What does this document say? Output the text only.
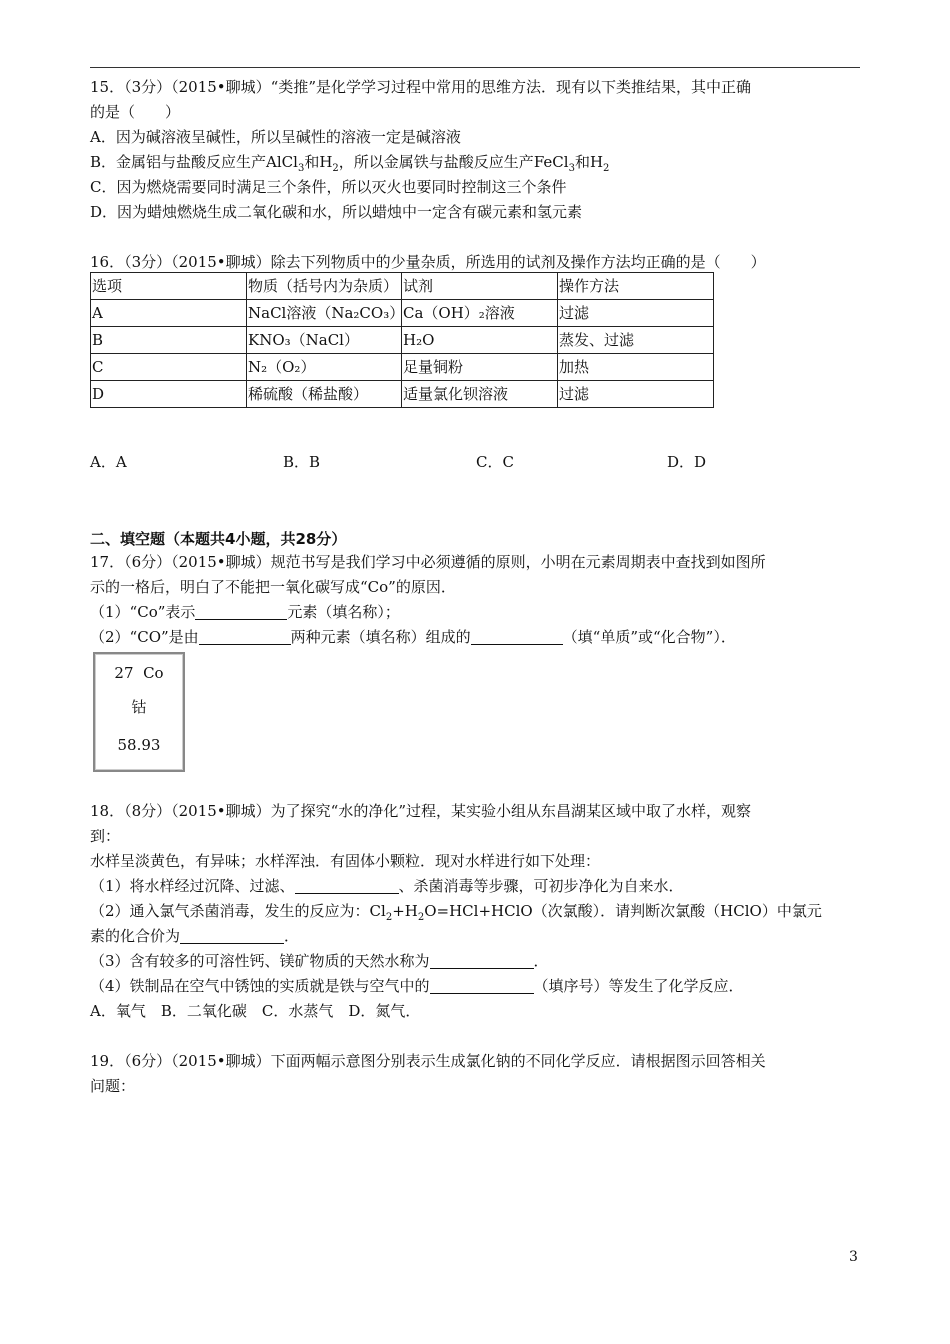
15．（3分）（2015•聊城）“类推”是化学学习过程中常用的思维方法．现有以下类推结果，其中正确
的是（　　）
A．因为碱溶液呈碱性，所以呈碱性的溶液一定是碱溶液
B．金属铝与盐酸反应生产AlCl$_3$和$H_2$，所以金属铁与盐酸反应生产FeCl$_3$和$H_2$
C．因为燃烧需要同时满足三个条件，所以灭火也要同时控制这三个条件
D．因为蜡烛燃烧生成二氧化碳和水，所以蜡烛中一定含有碳元素和氢元素
16．（3分）（2015•聊城）除去下列物质中的少量杂质，所选用的试剂及操作方法均正确的是（　　）
选项	物质（括号内为杂质）	试剂	操作方法
A	NaCl溶液（Na₂CO₃）	Ca（OH）₂溶液	过滤
B	KNO₃（NaCl）	H₂O	蒸发、过滤
C	N₂（O₂）	足量铜粉	加热
D	稀硫酸（稀盐酸）	适量氯化钡溶液	过滤
A．A	B．B	C．C	D．D
二、填空题（本题共4小题，共28分）
17．（6分）（2015•聊城）规范书写是我们学习中必须遵循的原则，小明在元素周期表中查找到如图所
示的一格后，明白了不能把一氧化碳写成“Co”的原因．
（1）“Co”表示	元素（填名称）；
（2）“CO”是由	两种元素（填名称）组成的	（填“单质”或“化合物”）．
27 Co
钴
58.93
18．（8分）（2015•聊城）为了探究“水的净化”过程，某实验小组从东昌湖某区域中取了水样，观察
到：
水样呈淡黄色，有异味；水样浑浊．有固体小颗粒．现对水样进行如下处理：
（1）将水样经过沉降、过滤、	、杀菌消毒等步骤，可初步净化为自来水．
（2）通入氯气杀菌消毒，发生的反应为：$Cl_2+H_2O=HCl+HClO$（次氯酸）．请判断次氯酸（HClO）中氯元
素的化合价为	．
（3）含有较多的可溶性钙、镁矿物质的天然水称为	．
（4）铁制品在空气中锈蚀的实质就是铁与空气中的	（填序号）等发生了化学反应．
A．氧气　B．二氧化碳　C．水蒸气　D．氮气．
19．（6分）（2015•聊城）下面两幅示意图分别表示生成氯化钠的不同化学反应．请根据图示回答相关
问题：
3
